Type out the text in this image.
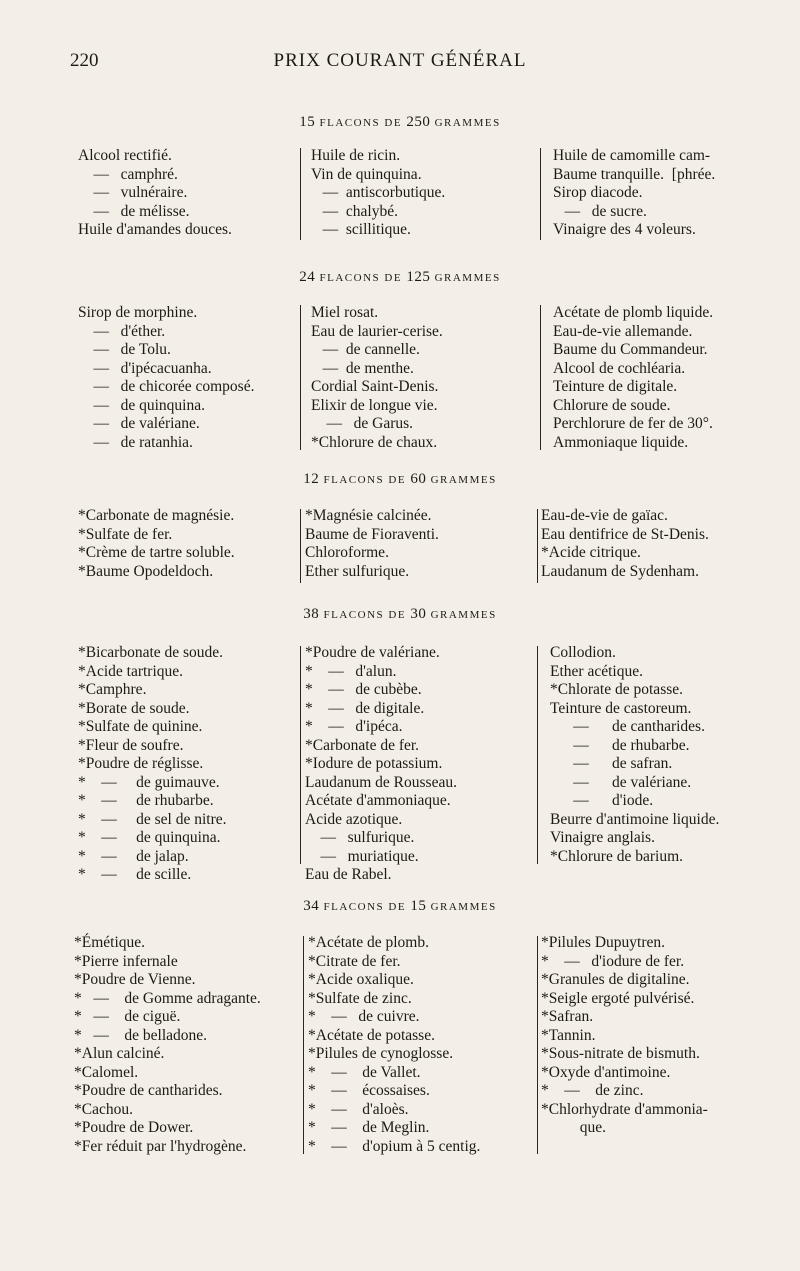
220	PRIX COURANT GÉNÉRAL
15 FLACONS DE 250 GRAMMES
Alcool rectifié.
—   camphré.
—   vulnéraire.
—   de mélisse.
Huile d'amandes douces.
Huile de ricin.
Vin de quinquina.
—  antiscorbutique.
—  chalybé.
—  scillitique.
Huile de camomille cam-
Baume tranquille.  [phrée.
Sirop diacode.
—   de sucre.
Vinaigre des 4 voleurs.
24 FLACONS DE 125 GRAMMES
Sirop de morphine.
—   d'éther.
—   de Tolu.
—   d'ipécacuanha.
—   de chicorée composé.
—   de quinquina.
—   de valériane.
—   de ratanhia.
Miel rosat.
Eau de laurier-cerise.
—  de cannelle.
—  de menthe.
Cordial Saint-Denis.
Elixir de longue vie.
—   de Garus.
*Chlorure de chaux.
Acétate de plomb liquide.
Eau-de-vie allemande.
Baume du Commandeur.
Alcool de cochléaria.
Teinture de digitale.
Chlorure de soude.
Perchlorure de fer de 30°.
Ammoniaque liquide.
12 FLACONS DE 60 GRAMMES
*Carbonate de magnésie.
*Sulfate de fer.
*Crème de tartre soluble.
*Baume Opodeldoch.
*Magnésie calcinée.
Baume de Fioraventi.
Chloroforme.
Ether sulfurique.
Eau-de-vie de gaïac.
Eau dentifrice de St-Denis.
*Acide citrique.
Laudanum de Sydenham.
38 FLACONS DE 30 GRAMMES
*Bicarbonate de soude.
*Acide tartrique.
*Camphre.
*Borate de soude.
*Sulfate de quinine.
*Fleur de soufre.
*Poudre de réglisse.
*    —     de guimauve.
*    —     de rhubarbe.
*    —     de sel de nitre.
*    —     de quinquina.
*    —     de jalap.
*    —     de scille.
*Poudre de valériane.
*    —   d'alun.
*    —   de cubèbe.
*    —   de digitale.
*    —   d'ipéca.
*Carbonate de fer.
*Iodure de potassium.
Laudanum de Rousseau.
Acétate d'ammoniaque.
Acide azotique.
—   sulfurique.
—   muriatique.
Eau de Rabel.
Collodion.
Ether acétique.
*Chlorate de potasse.
Teinture de castoreum.
—      de cantharides.
—      de rhubarbe.
—      de safran.
—      de valériane.
—      d'iode.
Beurre d'antimoine liquide.
Vinaigre anglais.
*Chlorure de barium.
34 FLACONS DE 15 GRAMMES
*Émétique.
*Pierre infernale
*Poudre de Vienne.
*   —    de Gomme adragante.
*   —    de ciguë.
*   —    de belladone.
*Alun calciné.
*Calomel.
*Poudre de cantharides.
*Cachou.
*Poudre de Dower.
*Fer réduit par l'hydrogène.
*Acétate de plomb.
*Citrate de fer.
*Acide oxalique.
*Sulfate de zinc.
*    —   de cuivre.
*Acétate de potasse.
*Pilules de cynoglosse.
*    —    de Vallet.
*    —    écossaises.
*    —    d'aloès.
*    —    de Meglin.
*    —    d'opium à 5 centig.
*Pilules Dupuytren.
*    —   d'iodure de fer.
*Granules de digitaline.
*Seigle ergoté pulvérisé.
*Safran.
*Tannin.
*Sous-nitrate de bismuth.
*Oxyde d'antimoine.
*    —    de zinc.
*Chlorhydrate d'ammonia-
que.
